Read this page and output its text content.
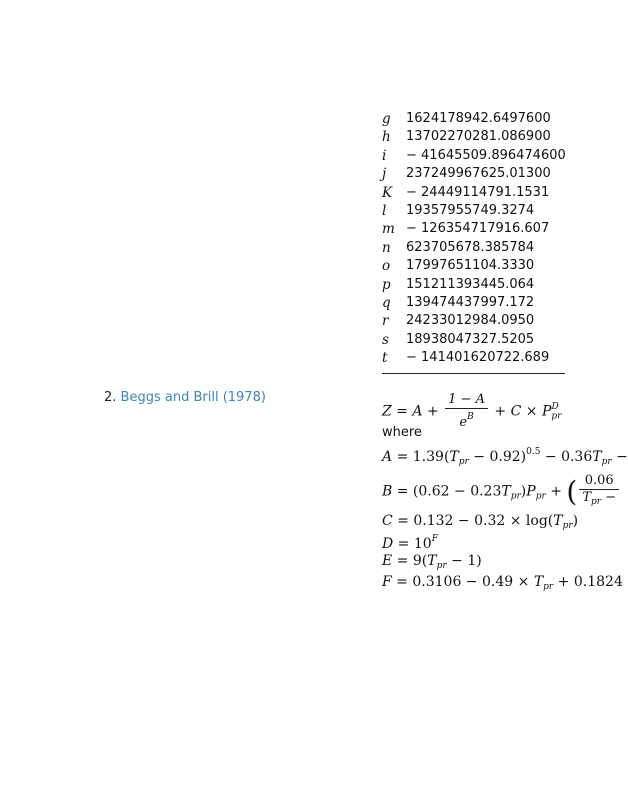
g 1624178942.6497600
h 13702270281.086900
i − 41645509.896474600
j 237249967625.01300
K − 24449114791.1531
l 19357955749.3274
m − 126354717916.607
n 623705678.385784
o 17997651104.3330
p 151211393445.064
q 139474437997.172
r 24233012984.0950
s 18938047327.5205
t − 141401620722.689
2. Beggs and Brill (1978)
$Z = A + \frac{1 - A}{e^B} + C \times P_{pr}^D$
where
$A = 1.39(T_{pr} - 0.92)^{0.5} - 0.36T_{pr}$ −
$B = (0.62 - 0.23T_{pr})P_{pr}$ + ( $\frac{0.06}{T_{pr} -}$
$C = 0.132 - 0.32 \times \log(T_{pr})$
$D = 10^F$
$E = 9(T_{pr} - 1)$
$F = 0.3106 - 0.49 \times T_{pr} + 0.1824$
